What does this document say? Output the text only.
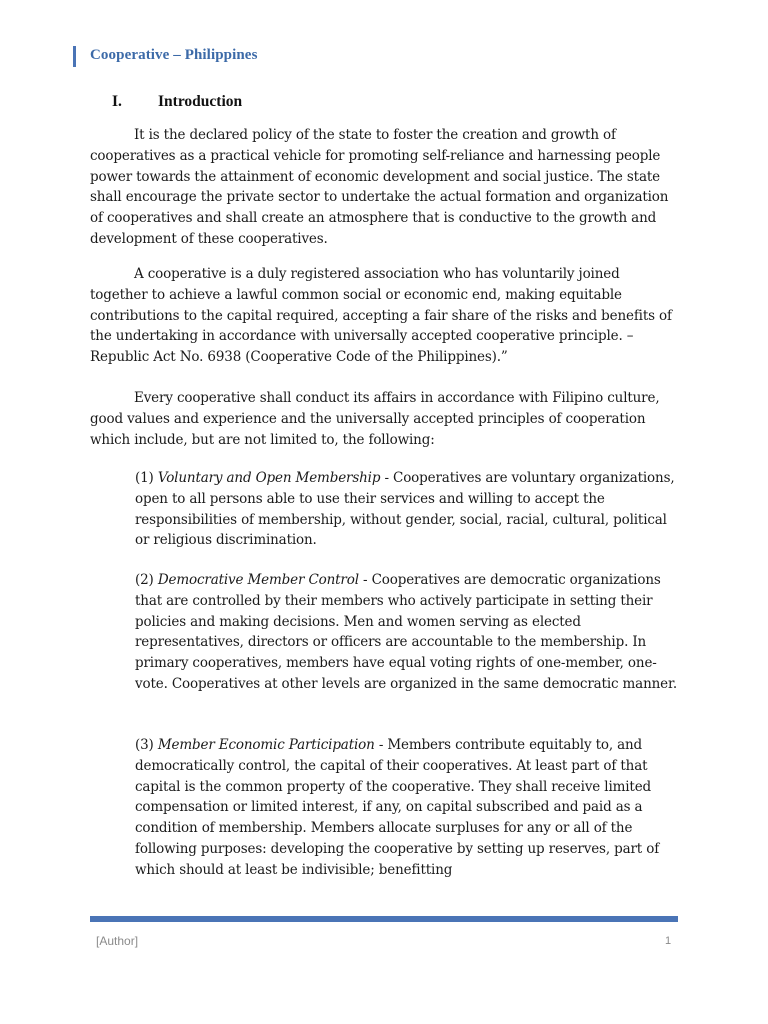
Cooperative – Philippines
I. Introduction

It is the declared policy of the state to foster the creation and growth of cooperatives as a practical vehicle for promoting self-reliance and harnessing people power towards the attainment of economic development and social justice. The state shall encourage the private sector to undertake the actual formation and organization of cooperatives and shall create an atmosphere that is conductive to the growth and development of these cooperatives.

A cooperative is a duly registered association who has voluntarily joined together to achieve a lawful common social or economic end, making equitable contributions to the capital required, accepting a fair share of the risks and benefits of the undertaking in accordance with universally accepted cooperative principle. – Republic Act No. 6938 (Cooperative Code of the Philippines).”

Every cooperative shall conduct its affairs in accordance with Filipino culture, good values and experience and the universally accepted principles of cooperation which include, but are not limited to, the following:

(1) Voluntary and Open Membership - Cooperatives are voluntary organizations, open to all persons able to use their services and willing to accept the responsibilities of membership, without gender, social, racial, cultural, political or religious discrimination.

(2) Democrative Member Control - Cooperatives are democratic organizations that are controlled by their members who actively participate in setting their policies and making decisions. Men and women serving as elected representatives, directors or officers are accountable to the membership. In primary cooperatives, members have equal voting rights of one-member, one-vote. Cooperatives at other levels are organized in the same democratic manner.

(3) Member Economic Participation - Members contribute equitably to, and democratically control, the capital of their cooperatives. At least part of that capital is the common property of the cooperative. They shall receive limited compensation or limited interest, if any, on capital subscribed and paid as a condition of membership. Members allocate surpluses for any or all of the following purposes: developing the cooperative by setting up reserves, part of which should at least be indivisible; benefitting

[Author]	1
